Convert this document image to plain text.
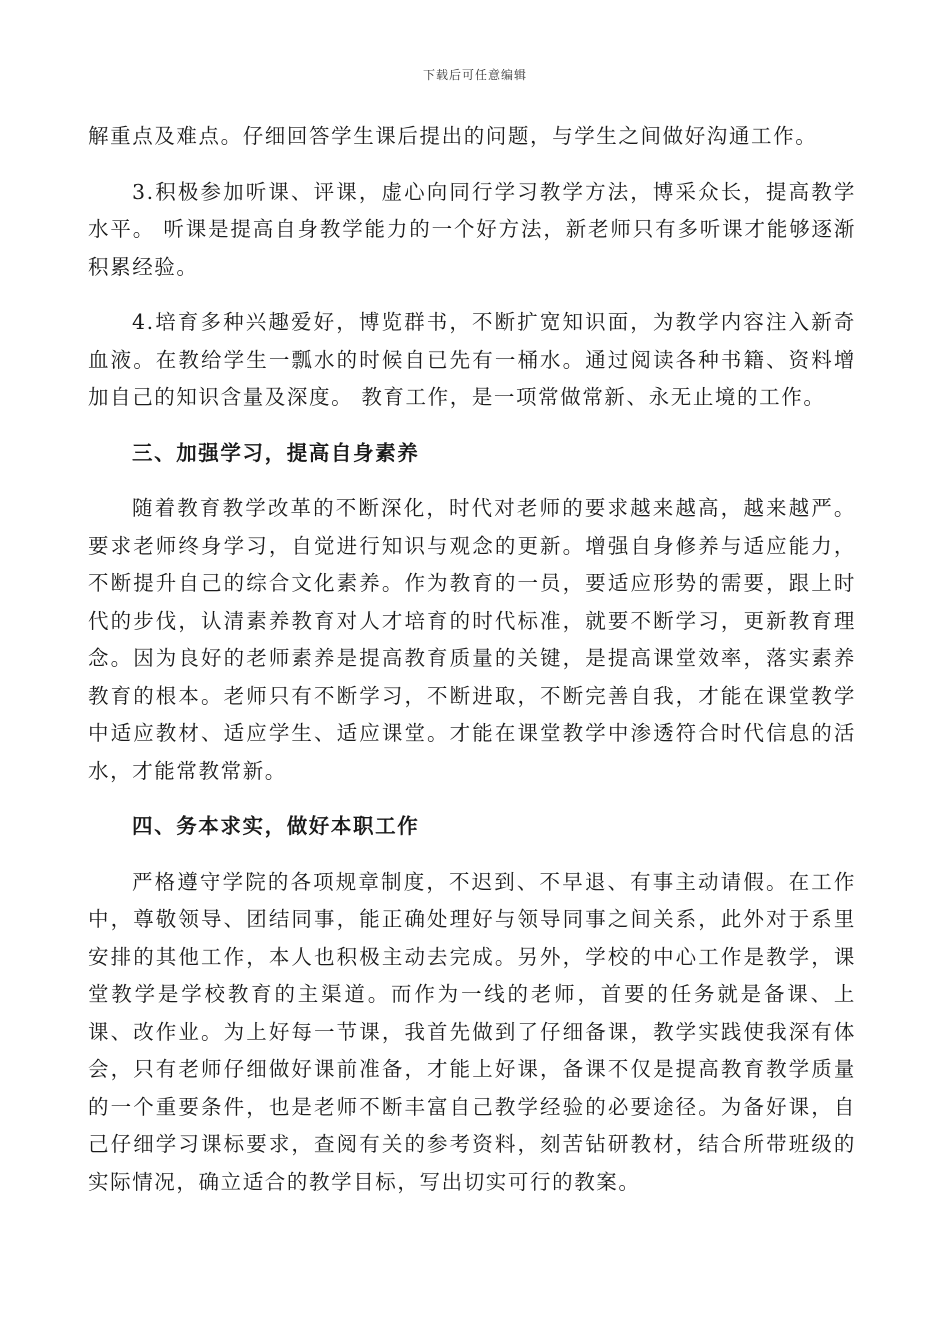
下载后可任意编辑

解重点及难点。仔细回答学生课后提出的问题，与学生之间做好沟通工作。

3.积极参加听课、评课，虚心向同行学习教学方法，博采众长，提高教学水平。 听课是提高自身教学能力的一个好方法，新老师只有多听课才能够逐渐积累经验。

4.培育多种兴趣爱好，博览群书，不断扩宽知识面，为教学内容注入新奇血液。在教给学生一瓢水的时候自已先有一桶水。通过阅读各种书籍、资料增加自己的知识含量及深度。 教育工作，是一项常做常新、永无止境的工作。

三、加强学习，提高自身素养

随着教育教学改革的不断深化，时代对老师的要求越来越高，越来越严。要求老师终身学习，自觉进行知识与观念的更新。增强自身修养与适应能力，不断提升自己的综合文化素养。作为教育的一员，要适应形势的需要，跟上时代的步伐，认清素养教育对人才培育的时代标准，就要不断学习，更新教育理念。因为良好的老师素养是提高教育质量的关键，是提高课堂效率，落实素养教育的根本。老师只有不断学习，不断进取，不断完善自我，才能在课堂教学中适应教材、适应学生、适应课堂。才能在课堂教学中渗透符合时代信息的活水，才能常教常新。

四、务本求实，做好本职工作

严格遵守学院的各项规章制度，不迟到、不早退、有事主动请假。在工作中，尊敬领导、团结同事，能正确处理好与领导同事之间关系，此外对于系里安排的其他工作，本人也积极主动去完成。另外，学校的中心工作是教学，课堂教学是学校教育的主渠道。而作为一线的老师，首要的任务就是备课、上课、改作业。为上好每一节课，我首先做到了仔细备课，教学实践使我深有体会，只有老师仔细做好课前准备，才能上好课，备课不仅是提高教育教学质量的一个重要条件，也是老师不断丰富自己教学经验的必要途径。为备好课，自己仔细学习课标要求，查阅有关的参考资料，刻苦钻研教材，结合所带班级的实际情况，确立适合的教学目标，写出切实可行的教案。
